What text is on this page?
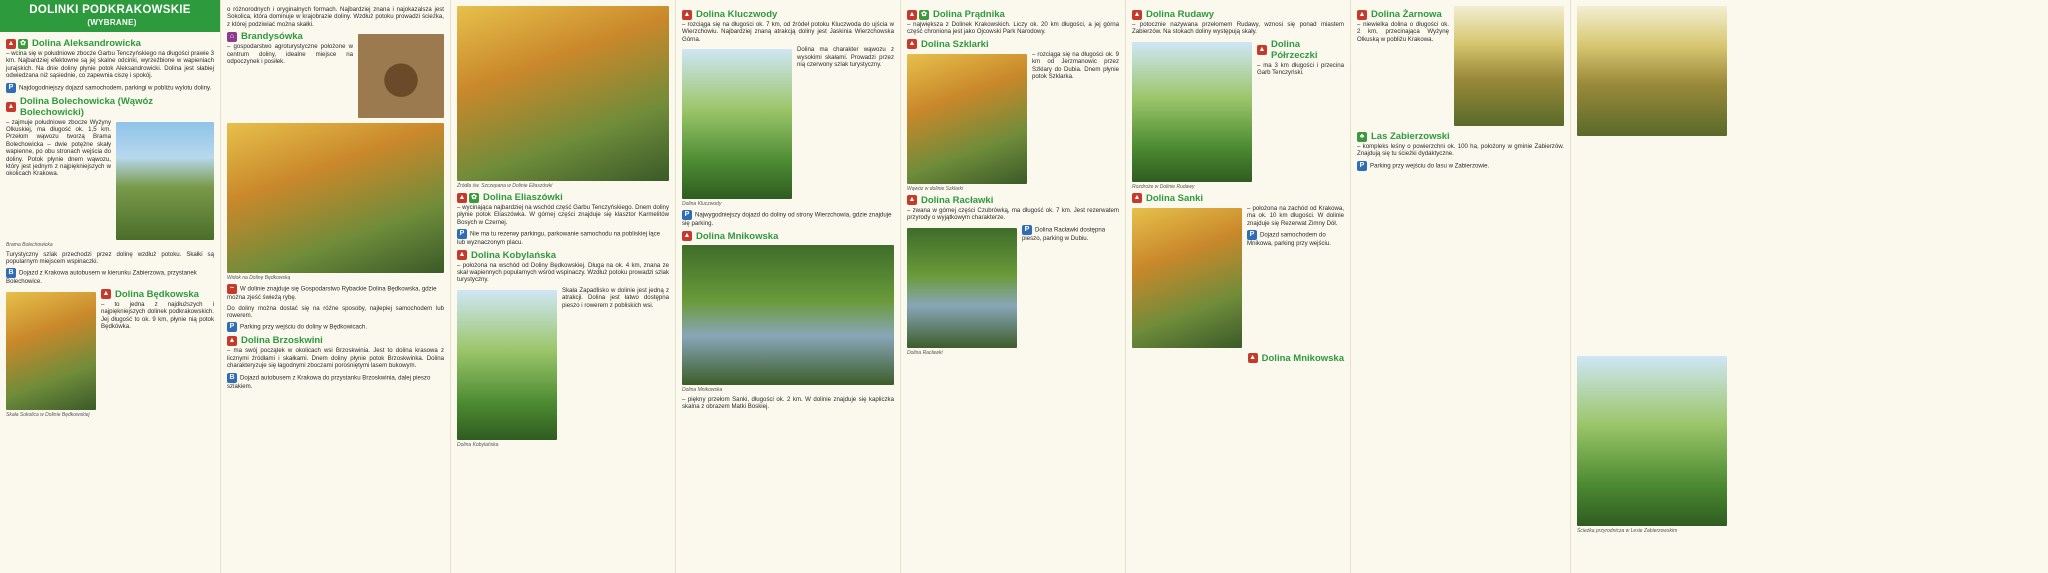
DOLINKI PODKRAKOWSKIE (WYBRANE)
▲ ✿ Dolina Aleksandrowicka

– wcina się w południowe zbocze Garbu Tenczyńskiego na długości prawie 3 km. Najbardziej efektowne są jej skalne odcinki, wyrzeźbione w wapieniach jurajskich. Na dnie doliny płynie potok Aleksandrowicki. Dolina jest słabiej odwiedzana niż sąsiednie, co zapewnia ciszę i spokój.

P Najdogodniejszy dojazd samochodem, parkingi w pobliżu wylotu doliny.

▲ Dolina Bolechowicka (Wąwóz Bolechowicki)

– zajmuje południowe zbocze Wyżyny Olkuskiej, ma długość ok. 1,5 km. Przełom wąwozu tworzą Brama Bolechowicka – dwie potężne skały wapienne, po obu stronach wejścia do doliny. Potok płynie dnem wąwozu, który jest jednym z najpiękniejszych w okolicach Krakowa.

Brama Bolechowicka

Turystyczny szlak przechodzi przez dolinę wzdłuż potoku. Skałki są popularnym miejscem wspinaczki.

B Dojazd z Krakowa autobusem w kierunku Zabierzowa, przystanek Bolechowice.

▲ Dolina Będkowska

– to jedna z najdłuższych i najpiękniejszych dolinek podkrakowskich. Jej długość to ok. 9 km, płynie nią potok Będkówka.

Skała Sokolica w Dolinie Będkowskiej

o różnorodnych i oryginalnych formach. Najbardziej znana i najokazalsza jest Sokolica, która dominuje w krajobrazie doliny. Wzdłuż potoku prowadzi ścieżka, z której podziwiać można skałki.

⌂ Brandysówka

– gospodarstwo agroturystyczne położone w centrum doliny, idealne miejsce na odpoczynek i posiłek.

Widok na Dolinę Będkowską

~ W dolinie znajduje się Gospodarstwo Rybackie Dolina Będkowska, gdzie można zjeść świeżą rybę.

Do doliny można dostać się na różne sposoby, najlepiej samochodem lub rowerem.

P Parking przy wejściu do doliny w Będkowicach.

▲ Dolina Brzoskwini

– ma swój początek w okolicach wsi Brzoskwinia. Jest to dolina krasowa z licznymi źródłami i skałkami. Dnem doliny płynie potok Brzoskwinka. Dolina charakteryzuje się łagodnymi zboczami porośniętymi lasem bukowym.

B Dojazd autobusem z Krakowa do przystanku Brzoskwinia, dalej pieszo szlakiem.

Źródła św. Szczepana w Dolinie Eliaszówki

▲ ✿ Dolina Eliaszówki

– wycinająca najbardziej na wschód część Garbu Tenczyńskiego. Dnem doliny płynie potok Eliaszówka. W górnej części znajduje się klasztor Karmelitów Bosych w Czernej.

P Nie ma tu rezerwy parkingu, parkowanie samochodu na pobliskiej łące lub wyznaczonym placu.

▲ Dolina Kobylańska

– położona na wschód od Doliny Będkowskiej. Długa na ok. 4 km, znana ze skał wapiennych popularnych wśród wspinaczy. Wzdłuż potoku prowadzi szlak turystyczny.

Skała Zapadlisko w dolinie jest jedną z atrakcji. Dolina jest łatwo dostępna pieszo i rowerem z pobliskich wsi.

Dolina Kobylańska

▲ Dolina Kluczwody

– rozciąga się na długości ok. 7 km, od źródeł potoku Kluczwoda do ujścia w Wierzchowiu. Najbardziej znaną atrakcją doliny jest Jaskinia Wierzchowska Górna.

Dolina ma charakter wąwozu z wysokimi skałami. Prowadzi przez nią czerwony szlak turystyczny.

Dolina Kluczwody

P Najwygodniejszy dojazd do doliny od strony Wierzchowia, gdzie znajduje się parking.

▲ Dolina Mnikowska

Dolina Mnikowska

– piękny przełom Sanki, długości ok. 2 km. W dolinie znajduje się kapliczka skalna z obrazem Matki Boskiej.

▲ ✿ Dolina Prądnika

– największa z Dolinek Krakowskich. Liczy ok. 20 km długości, a jej górna część chroniona jest jako Ojcowski Park Narodowy.

▲ Dolina Szklarki

– rozciąga się na długości ok. 9 km od Jerzmanowic przez Szklary do Dubia. Dnem płynie potok Szklarka.

Wąwóz w dolinie Szklarki

▲ Dolina Racławki

– zwana w górnej części Czubrówką, ma długość ok. 7 km. Jest rezerwatem przyrody o wyjątkowym charakterze.

P Dolina Racławki dostępna pieszo, parking w Dubiu.

Dolina Racławki

▲ Dolina Rudawy

– potocznie nazywana przełomem Rudawy, wznosi się ponad miastem Zabierzów. Na stokach doliny występują skały.

▲ Dolina Półrzeczki

– ma 3 km długości i przecina Garb Tenczyński.

Rozdroże w Dolinie Rudawy

▲ Dolina Sanki

– położona na zachód od Krakowa, ma ok. 10 km długości. W dolinie znajduje się Rezerwat Zimny Dół.

P Dojazd samochodem do Mnikowa, parking przy wejściu.

▲ Dolina Mnikowska
▲ Dolina Żarnowa

– niewielka dolina o długości ok. 2 km, przecinająca Wyżynę Olkuską w pobliżu Krakowa.

♣ Las Zabierzowski

– kompleks leśny o powierzchni ok. 100 ha, położony w gminie Zabierzów. Znajdują się tu ścieżki dydaktyczne.

P Parking przy wejściu do lasu w Zabierzowie.

Ścieżka przyrodnicza w Lesie Zabierzowskim
